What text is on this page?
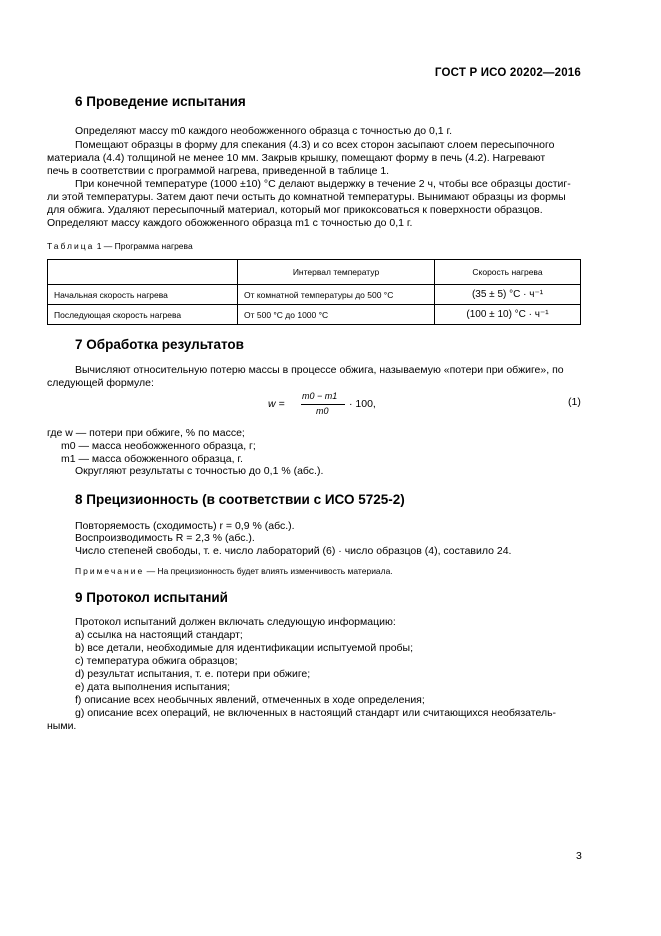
ГОСТ Р ИСО 20202—2016
6 Проведение испытания
Определяют массу m0 каждого необожженного образца с точностью до 0,1 г.
Помещают образцы в форму для спекания (4.3) и со всех сторон засыпают слоем пересыпочного
материала (4.4) толщиной не менее 10 мм. Закрыв крышку, помещают форму в печь (4.2). Нагревают
печь в соответствии с программой нагрева, приведенной в таблице 1.
При конечной температуре (1000 ±10) °С делают выдержку в течение 2 ч, чтобы все образцы достиг-
ли этой температуры. Затем дают печи остыть до комнатной температуры. Вынимают образцы из формы
для обжига. Удаляют пересыпочный материал, который мог прикоксоваться к поверхности образцов.
Определяют массу каждого обожженного образца m1 с точностью до 0,1 г.
Таблица 1 — Программа нагрева
	Интервал температур	Скорость нагрева
Начальная скорость нагрева	От комнатной температуры до 500 °С	(35 ± 5) °С · ч⁻¹
Последующая скорость нагрева	От 500 °С до 1000 °С	(100 ± 10) °С · ч⁻¹
7 Обработка результатов
Вычисляют относительную потерю массы в процессе обжига, называемую «потери при обжиге», по
следующей формуле:
w =
m0 − m1
m0
· 100,	(1)
где w — потери при обжиге, % по массе;
m0 — масса необожженного образца, г;
m1 — масса обожженного образца, г.
Округляют результаты с точностью до 0,1 % (абс.).
8 Прецизионность (в соответствии с ИСО 5725-2)
Повторяемость (сходимость) r = 0,9 % (абс.).
Воспроизводимость R = 2,3 % (абс.).
Число степеней свободы, т. е. число лабораторий (6) · число образцов (4), составило 24.
Примечание — На прецизионность будет влиять изменчивость материала.
9 Протокол испытаний
Протокол испытаний должен включать следующую информацию:
a) ссылка на настоящий стандарт;
b) все детали, необходимые для идентификации испытуемой пробы;
c) температура обжига образцов;
d) результат испытания, т. е. потери при обжиге;
e) дата выполнения испытания;
f) описание всех необычных явлений, отмеченных в ходе определения;
g) описание всех операций, не включенных в настоящий стандарт или считающихся необязатель-
ными.
3
